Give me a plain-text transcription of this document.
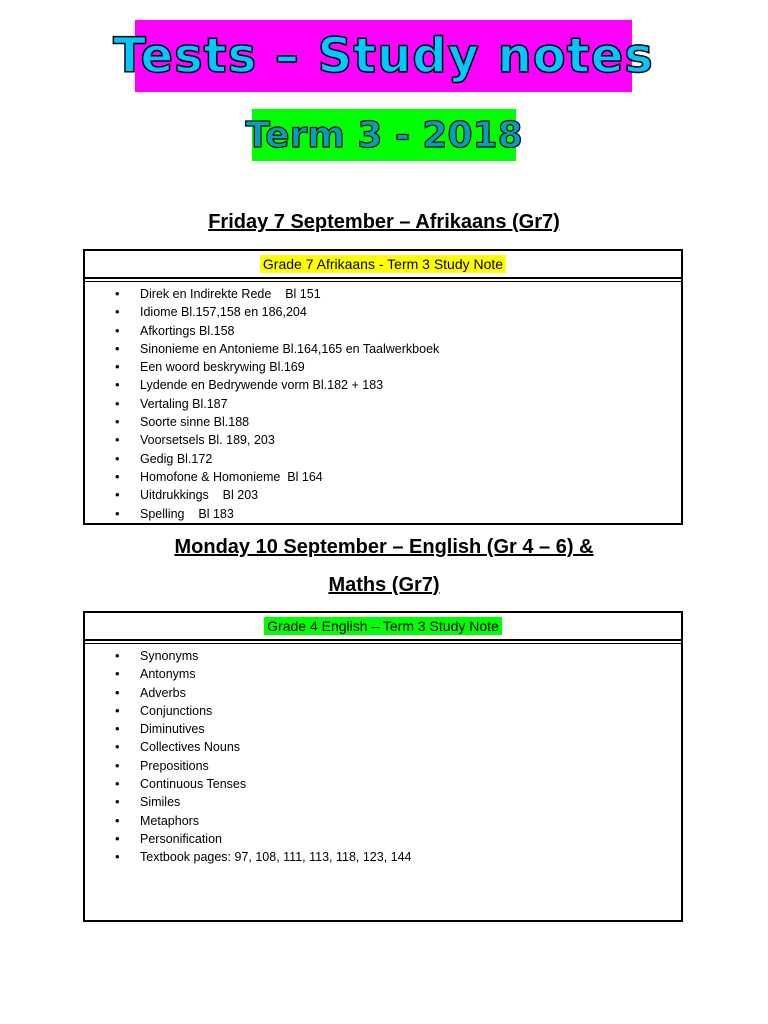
Tests – Study notes
Term 3 - 2018
Friday 7 September – Afrikaans (Gr7)
Grade 7 Afrikaans - Term 3 Study Note
• Direk en Indirekte Rede    Bl 151
• Idiome Bl.157,158 en 186,204
• Afkortings Bl.158
• Sinonieme en Antonieme Bl.164,165 en Taalwerkboek
• Een woord beskrywing Bl.169
• Lydende en Bedrywende vorm Bl.182 + 183
• Vertaling Bl.187
• Soorte sinne Bl.188
• Voorsetsels Bl. 189, 203
• Gedig Bl.172
• Homofone & Homonieme  Bl 164
• Uitdrukkings    Bl 203
• Spelling    Bl 183
Monday 10 September – English (Gr 4 – 6) &
Maths (Gr7)
Grade 4 English – Term 3 Study Note
• Synonyms
• Antonyms
• Adverbs
• Conjunctions
• Diminutives
• Collectives Nouns
• Prepositions
• Continuous Tenses
• Similes
• Metaphors
• Personification
• Textbook pages: 97, 108, 111, 113, 118, 123, 144
